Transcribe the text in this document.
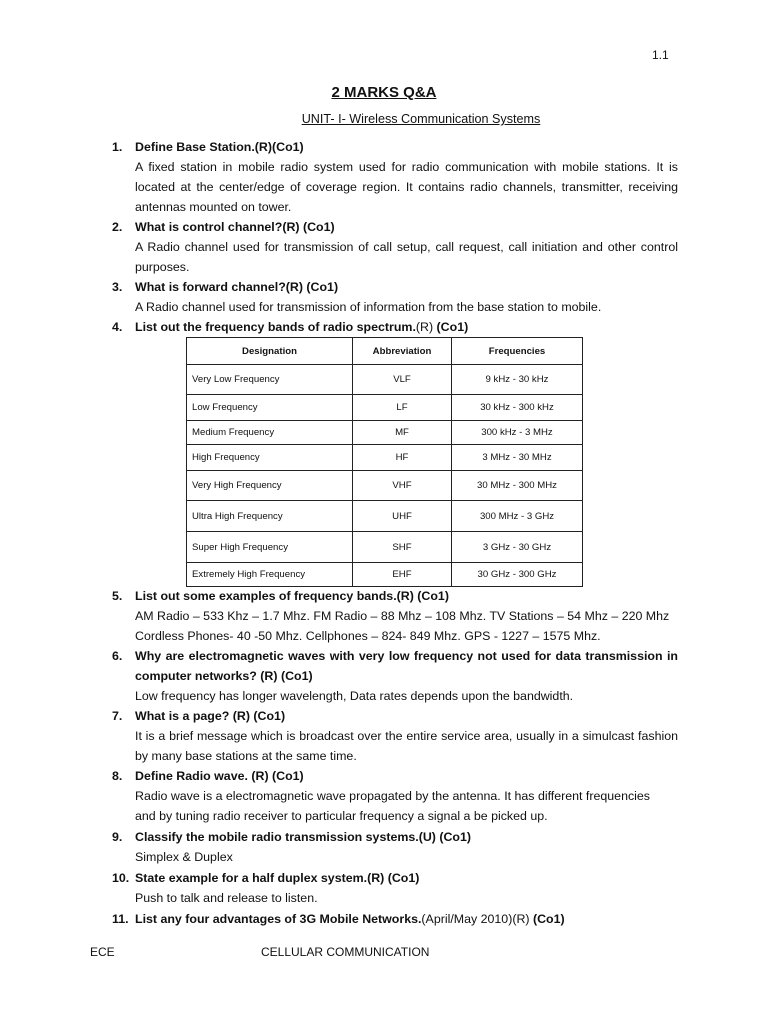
1.1
2 MARKS Q&A
UNIT- I- Wireless Communication Systems
1.	Define Base Station.(R)(Co1)
A fixed station in mobile radio system used for radio communication with mobile stations. It is located at the center/edge of coverage region. It contains radio channels, transmitter, receiving antennas mounted on tower.
2.	What is control channel?(R) (Co1)
A Radio channel used for transmission of call setup, call request, call initiation and other control purposes.
3.	What is forward channel?(R) (Co1)
A Radio channel used for transmission of information from the base station to mobile.
4.	List out the frequency bands of radio spectrum.(R) (Co1)
Designation	Abbreviation	Frequencies
Very Low Frequency	VLF	9 kHz - 30 kHz
Low Frequency	LF	30 kHz - 300 kHz
Medium Frequency	MF	300 kHz - 3 MHz
High Frequency	HF	3 MHz - 30 MHz
Very High Frequency	VHF	30 MHz - 300 MHz
Ultra High Frequency	UHF	300 MHz - 3 GHz
Super High Frequency	SHF	3 GHz - 30 GHz
Extremely High Frequency	EHF	30 GHz - 300 GHz
5.	List out some examples of frequency bands.(R) (Co1)
AM Radio – 533 Khz – 1.7 Mhz. FM Radio – 88 Mhz – 108 Mhz. TV Stations – 54 Mhz – 220 Mhz
Cordless Phones- 40 -50 Mhz. Cellphones – 824- 849 Mhz. GPS - 1227 – 1575 Mhz.
6.	Why are electromagnetic waves with very low frequency not used for data transmission in computer networks? (R) (Co1)
Low frequency has longer wavelength, Data rates depends upon the bandwidth.
7.	What is a page? (R) (Co1)
It is a brief message which is broadcast over the entire service area, usually in a simulcast fashion by many base stations at the same time.
8.	Define Radio wave. (R) (Co1)
Radio wave is a electromagnetic wave propagated by the antenna. It has different frequencies
and by tuning radio receiver to particular frequency a signal a be picked up.
9.	Classify the mobile radio transmission systems.(U) (Co1)
Simplex & Duplex
10. State example for a half duplex system.(R) (Co1)
Push to talk and release to listen.
11. List any four advantages of 3G Mobile Networks.(April/May 2010)(R) (Co1)
ECE	CELLULAR COMMUNICATION
